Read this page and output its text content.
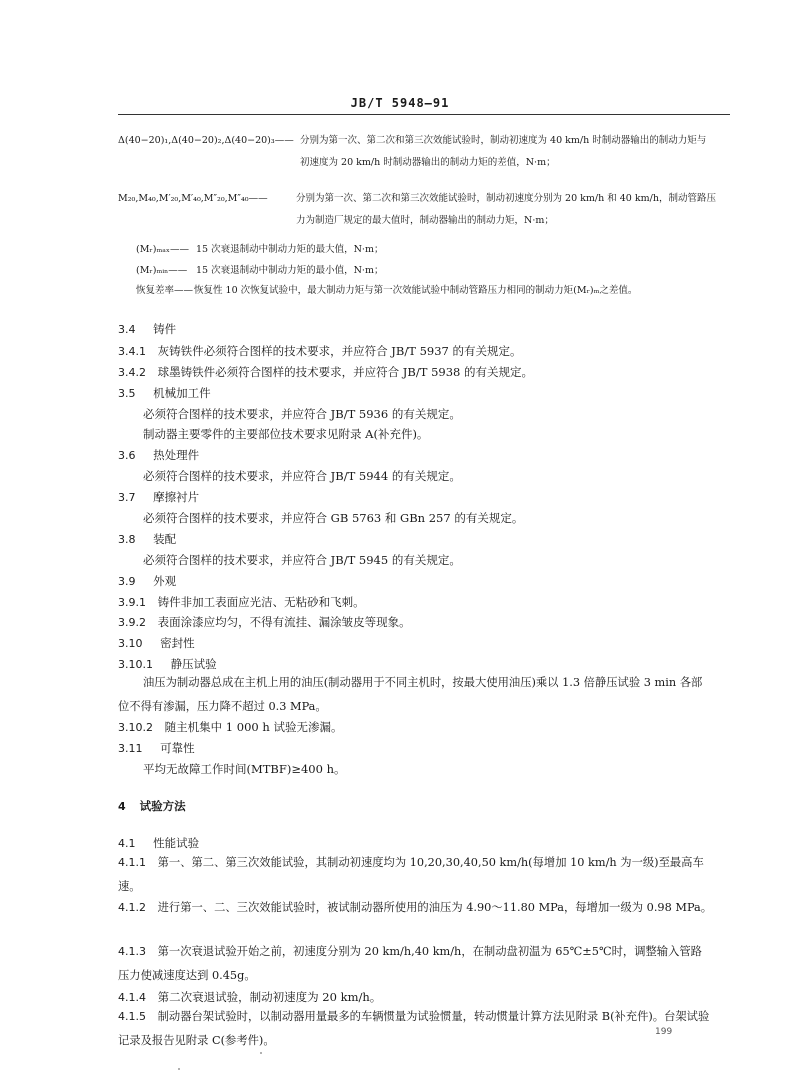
JB/T 5948—91
Δ(40−20)₁,Δ(40−20)₂,Δ(40−20)₃—— 分别为第一次、第二次和第三次效能试验时，制动初速度为 40 km/h 时制动器输出的制动力矩与初速度为 20 km/h 时制动器输出的制动力矩的差值，N·m；
M₂₀,M₄₀,M′₂₀,M′₄₀,M″₂₀,M″₄₀——	分别为第一次、第二次和第三次效能试验时，制动初速度分别为 20 km/h 和 40 km/h，制动管路压力为制造厂规定的最大值时，制动器输出的制动力矩，N·m；
(Mᵣ)ₘₐₓ—— 15 次衰退制动中制动力矩的最大值，N·m；
(Mᵣ)ₘᵢₙ—— 15 次衰退制动中制动力矩的最小值，N·m；
恢复差率—— 恢复性 10 次恢复试验中，最大制动力矩与第一次效能试验中制动管路压力相同的制动力矩(Mᵣ)ₘ之差值。
3.4 铸件
3.4.1 灰铸铁件必须符合图样的技术要求，并应符合 JB/T 5937 的有关规定。
3.4.2 球墨铸铁件必须符合图样的技术要求，并应符合 JB/T 5938 的有关规定。
3.5 机械加工件
必须符合图样的技术要求，并应符合 JB/T 5936 的有关规定。
制动器主要零件的主要部位技术要求见附录 A(补充件)。
3.6 热处理件
必须符合图样的技术要求，并应符合 JB/T 5944 的有关规定。
3.7 摩擦衬片
必须符合图样的技术要求，并应符合 GB 5763 和 GBn 257 的有关规定。
3.8 装配
必须符合图样的技术要求，并应符合 JB/T 5945 的有关规定。
3.9 外观
3.9.1 铸件非加工表面应光洁、无粘砂和飞刺。
3.9.2 表面涂漆应均匀，不得有流挂、漏涂皱皮等现象。
3.10 密封性
3.10.1 静压试验
油压为制动器总成在主机上用的油压(制动器用于不同主机时，按最大使用油压)乘以 1.3 倍静压试验 3 min 各部位不得有渗漏，压力降不超过 0.3 MPa。
3.10.2 随主机集中 1 000 h 试验无渗漏。
3.11 可靠性
平均无故障工作时间(MTBF)≥400 h。
4 试验方法
4.1 性能试验
4.1.1 第一、第二、第三次效能试验，其制动初速度均为 10,20,30,40,50 km/h(每增加 10 km/h 为一级)至最高车速。
4.1.2 进行第一、二、三次效能试验时，被试制动器所使用的油压为 4.90～11.80 MPa，每增加一级为 0.98 MPa。
4.1.3 第一次衰退试验开始之前，初速度分别为 20 km/h,40 km/h，在制动盘初温为 65℃±5℃时，调整输入管路压力使减速度达到 0.45g。
4.1.4 第二次衰退试验，制动初速度为 20 km/h。
4.1.5 制动器台架试验时，以制动器用量最多的车辆惯量为试验惯量，转动惯量计算方法见附录 B(补充件)。台架试验记录及报告见附录 C(参考件)。
199
